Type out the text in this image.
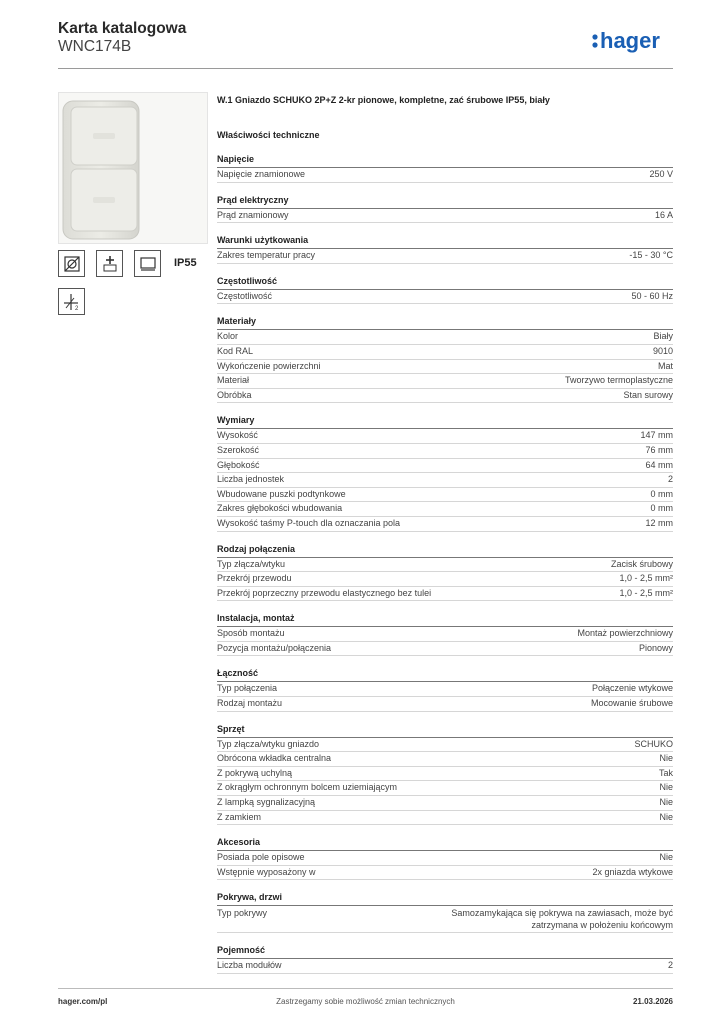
Karta katalogowa
WNC174B	hager
IP55
2
W.1 Gniazdo SCHUKO 2P+Z 2-kr pionowe, kompletne, zać śrubowe IP55, biały
Właściwości techniczne
Napięcie
Napięcie znamionowe	250 V
Prąd elektryczny
Prąd znamionowy	16 A
Warunki użytkowania
Zakres temperatur pracy	-15 - 30 °C
Częstotliwość
Częstotliwość	50 - 60 Hz
Materiały
Kolor	Biały
Kod RAL	9010
Wykończenie powierzchni	Mat
Materiał	Tworzywo termoplastyczne
Obróbka	Stan surowy
Wymiary
Wysokość	147 mm
Szerokość	76 mm
Głębokość	64 mm
Liczba jednostek	2
Wbudowane puszki podtynkowe	0 mm
Zakres głębokości wbudowania	0 mm
Wysokość taśmy P-touch dla oznaczania pola	12 mm
Rodzaj połączenia
Typ złącza/wtyku	Zacisk śrubowy
Przekrój przewodu	1,0 - 2,5 mm²
Przekrój poprzeczny przewodu elastycznego bez tulei	1,0 - 2,5 mm²
Instalacja, montaż
Sposób montażu	Montaż powierzchniowy
Pozycja montażu/połączenia	Pionowy
Łączność
Typ połączenia	Połączenie wtykowe
Rodzaj montażu	Mocowanie śrubowe
Sprzęt
Typ złącza/wtyku gniazdo	SCHUKO
Obrócona wkładka centralna	Nie
Z pokrywą uchylną	Tak
Z okrągłym ochronnym bolcem uziemiającym	Nie
Z lampką sygnalizacyjną	Nie
Z zamkiem	Nie
Akcesoria
Posiada pole opisowe	Nie
Wstępnie wyposażony w	2x gniazda wtykowe
Pokrywa, drzwi
Typ pokrywy	Samozamykająca się pokrywa na zawiasach, może być zatrzymana w położeniu końcowym
Pojemność
Liczba modułów	2
hager.com/pl	Zastrzegamy sobie możliwość zmian technicznych	21.03.2026
